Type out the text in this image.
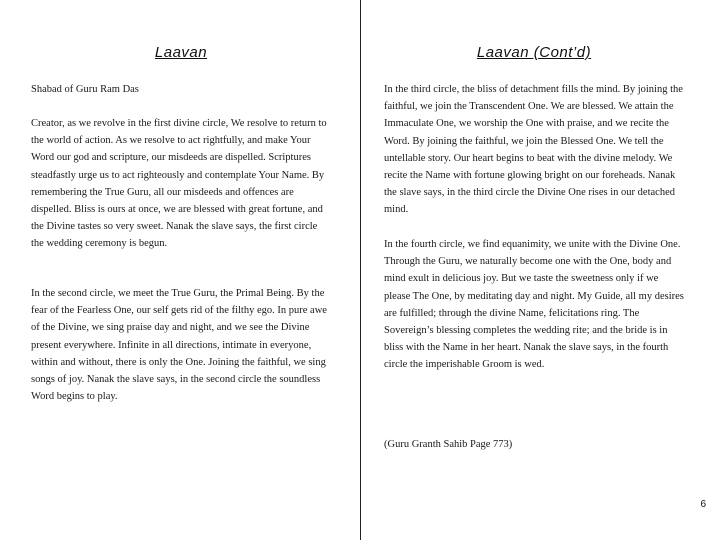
Laavan

Shabad of Guru Ram Das

Creator, as we revolve in the first divine circle, We resolve to return to the world of action. As we resolve to act rightfully, and make Your Word our god and scripture, our misdeeds are dispelled. Scriptures steadfastly urge us to act righteously and contemplate Your Name. By remembering the True Guru, all our misdeeds and offences are dispelled. Bliss is ours at once, we are blessed with great fortune, and the Divine tastes so very sweet. Nanak the slave says, the first circle the wedding ceremony is begun.

In the second circle, we meet the True Guru, the Primal Being. By the fear of the Fearless One, our self gets rid of the filthy ego. In pure awe of the Divine, we sing praise day and night, and we see the Divine present everywhere. Infinite in all directions, intimate in everyone, within and without, there is only the One. Joining the faithful, we sing songs of joy. Nanak the slave says, in the second circle the soundless Word begins to play.

Laavan (Cont’d)

In the third circle, the bliss of detachment fills the mind. By joining the faithful, we join the Transcendent One. We are blessed. We attain the Immaculate One, we worship the One with praise, and we recite the Word. By joining the faithful, we join the Blessed One. We tell the untellable story. Our heart begins to beat with the divine melody. We recite the Name with fortune glowing bright on our foreheads. Nanak the slave says, in the third circle the Divine One rises in our detached mind.

In the fourth circle, we find equanimity, we unite with the Divine One. Through the Guru, we naturally become one with the One, body and mind exult in delicious joy. But we taste the sweetness only if we please The One, by meditating day and night. My Guide, all my desires are fulfilled; through the divine Name, felicitations ring. The Sovereign’s blessing completes the wedding rite; and the bride is in bliss with the Name in her heart. Nanak the slave says, in the fourth circle the imperishable Groom is wed.

(Guru Granth Sahib Page 773)

6
